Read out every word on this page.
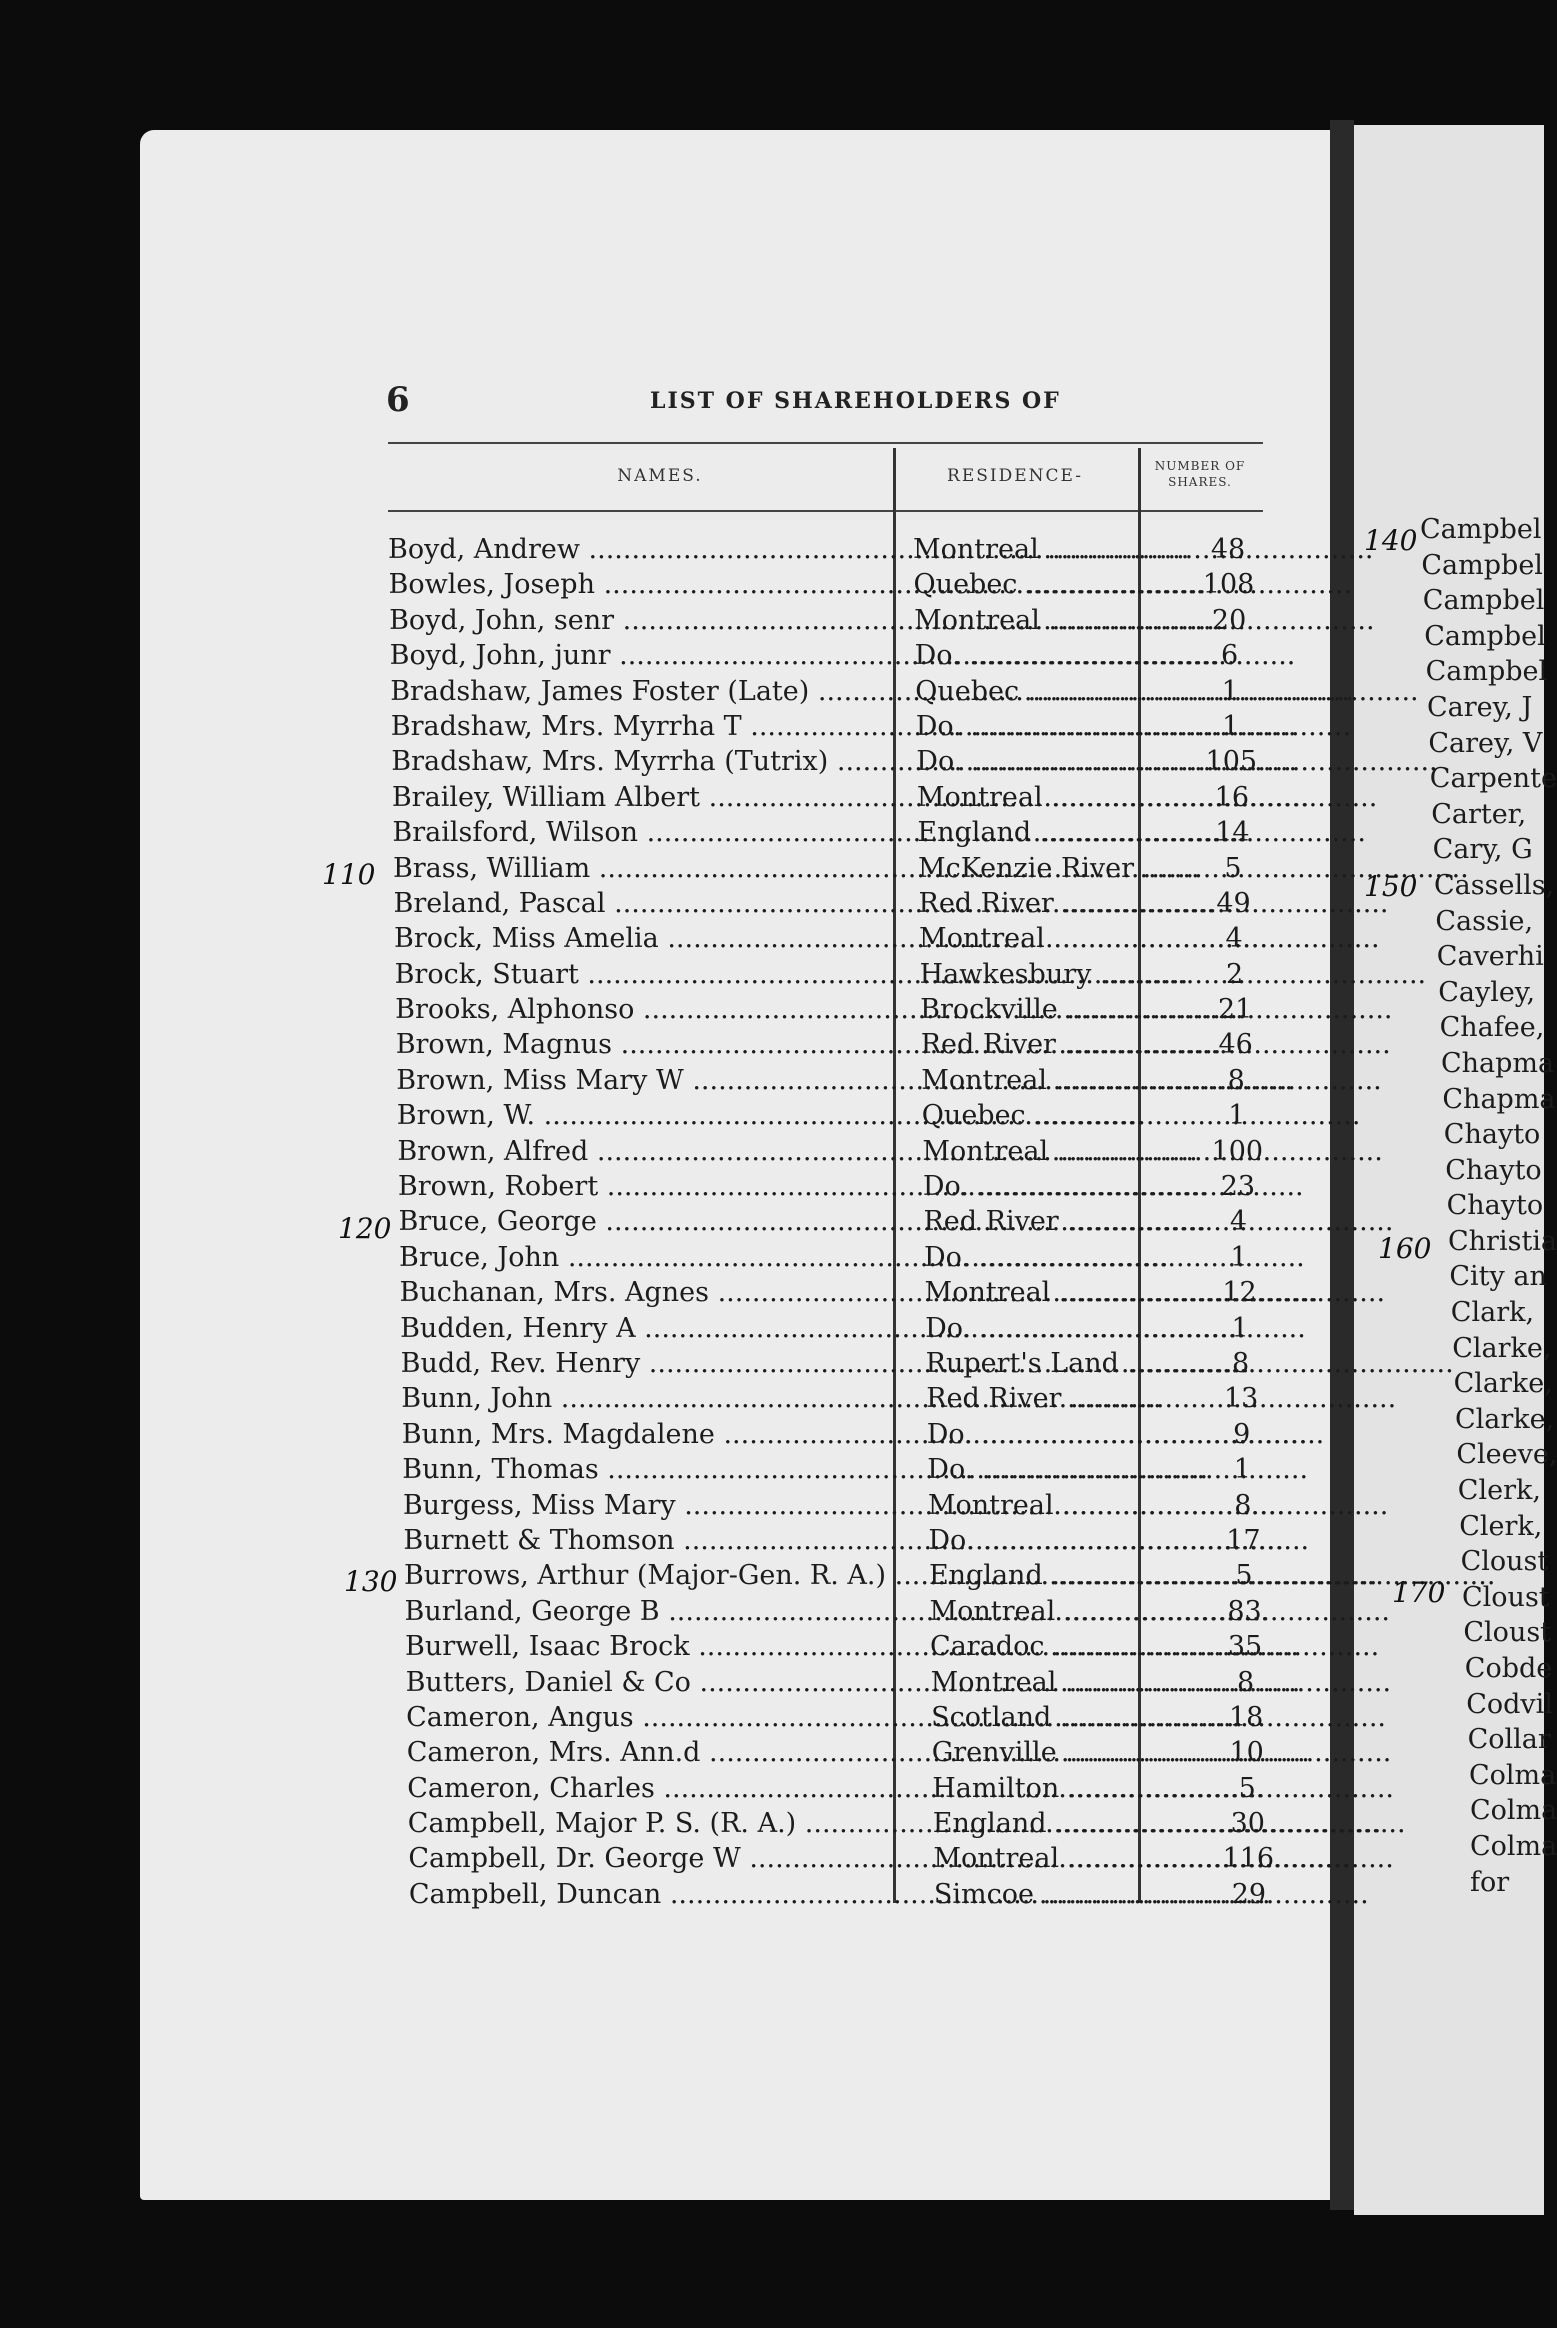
6	LIST OF SHAREHOLDERS OF
NAMES.	RESIDENCE-	NUMBER OF SHARES.
Boyd, Andrew .....	Montreal .....	48
Bowles, Joseph .....	Quebec .....	108
Boyd, John, senr .....	Montreal .....	20
Boyd, John, junr .....	Do. .....	6
Bradshaw, James Foster (Late) .....	Quebec .....	1
Bradshaw, Mrs. Myrrha T .....	Do. .....	1
Bradshaw, Mrs. Myrrha (Tutrix) .....	Do. .....	105
Brailey, William Albert .....	Montreal .....	16
Brailsford, Wilson .....	England .....	14
Brass, William .....	McKenzie River .....	5
Breland, Pascal .....	Red River .....	49
Brock, Miss Amelia .....	Montreal .....	4
Brock, Stuart .....	Hawkesbury .....	2
Brooks, Alphonso .....	Brockville .....	21
Brown, Magnus .....	Red River .....	46
Brown, Miss Mary W .....	Montreal .....	8
Brown, W. .....	Quebec .....	1
Brown, Alfred .....	Montreal .....	100
Brown, Robert .....	Do. .....	23
Bruce, George .....	Red River .....	4
Bruce, John .....	Do. .....	1
Buchanan, Mrs. Agnes .....	Montreal .....	12
Budden, Henry A .....	Do. .....	1
Budd, Rev. Henry .....	Rupert's Land .....	8
Bunn, John .....	Red River .....	13
Bunn, Mrs. Magdalene .....	Do. .....	9
Bunn, Thomas .....	Do. .....	1
Burgess, Miss Mary .....	Montreal .....	8
Burnett & Thomson .....	Do. .....	17
Burrows, Arthur (Major-Gen. R. A.) .....	England .....	5
Burland, George B .....	Montreal .....	83
Burwell, Isaac Brock .....	Caradoc .....	35
Butters, Daniel & Co .....	Montreal .....	8
Cameron, Angus .....	Scotland .....	18
Cameron, Mrs. Ann.d .....	Grenville .....	10
Cameron, Charles .....	Hamilton .....	5
Campbell, Major P. S. (R. A.) .....	England .....	30
Campbell, Dr. George W .....	Montreal .....	116
Campbell, Duncan .....	Simcoe .....	29
110
120
130
140
150
160
170
Campbel
Campbel
Campbel
Campbel
Campbel
Carey, J
Carey, V
Carpente
Carter,
Cary, G
Cassells,
Cassie,
Caverhi
Cayley,
Chafee,
Chapma
Chapma
Chayto
Chayto
Chayto
Christia
City an
Clark,
Clarke,
Clarke,
Clarke,
Cleeve,
Clerk,
Clerk,
Cloust
Cloust
Cloust
Cobde
Codvil
Collar
Colma
Colma
Colma
for
